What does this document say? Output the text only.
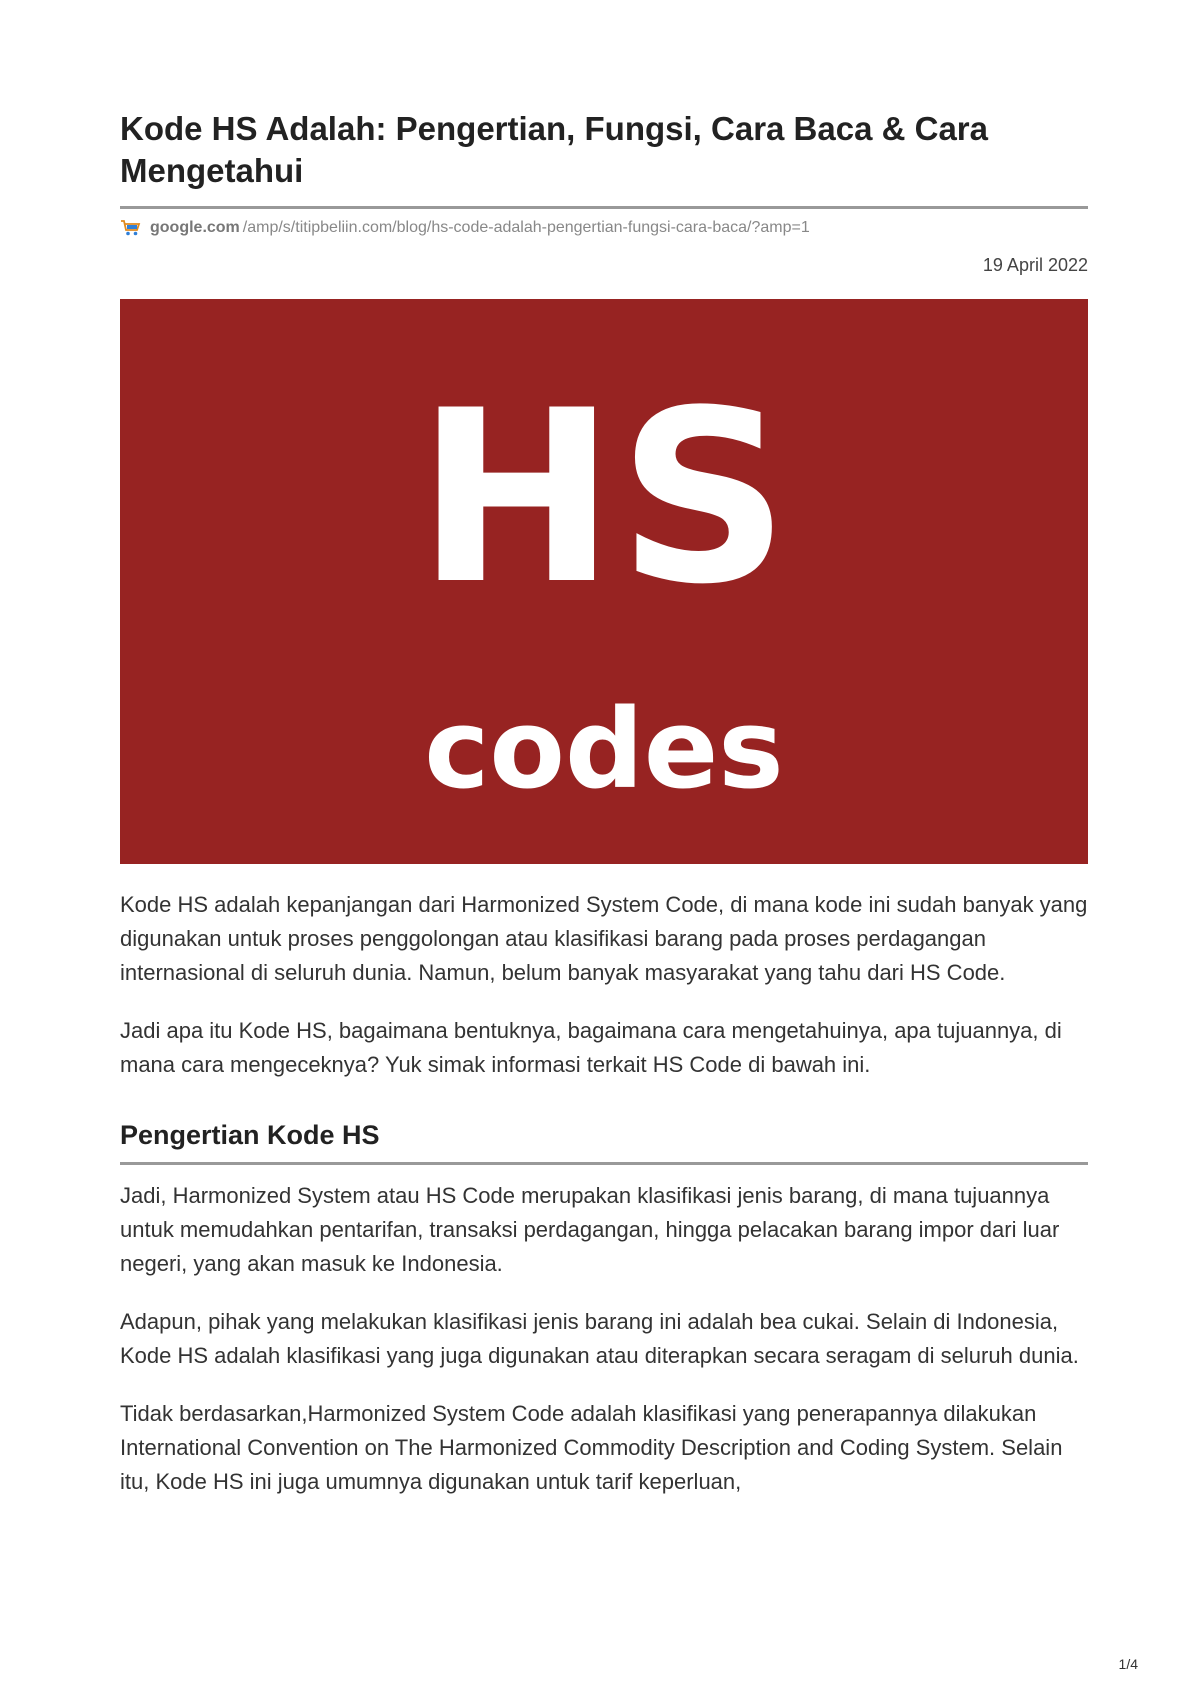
Kode HS Adalah: Pengertian, Fungsi, Cara Baca & Cara Mengetahui
google.com /amp/s/titipbeliin.com/blog/hs-code-adalah-pengertian-fungsi-cara-baca/?amp=1
19 April 2022
HS
codes

Kode HS adalah kepanjangan dari Harmonized System Code, di mana kode ini sudah banyak yang digunakan untuk proses penggolongan atau klasifikasi barang pada proses perdagangan internasional di seluruh dunia. Namun, belum banyak masyarakat yang tahu dari HS Code.

Jadi apa itu Kode HS, bagaimana bentuknya, bagaimana cara mengetahuinya, apa tujuannya, di mana cara mengeceknya? Yuk simak informasi terkait HS Code di bawah ini.

Pengertian Kode HS

Jadi, Harmonized System atau HS Code merupakan klasifikasi jenis barang, di mana tujuannya untuk memudahkan pentarifan, transaksi perdagangan, hingga pelacakan barang impor dari luar negeri, yang akan masuk ke Indonesia.

Adapun, pihak yang melakukan klasifikasi jenis barang ini adalah bea cukai. Selain di Indonesia, Kode HS adalah klasifikasi yang juga digunakan atau diterapkan secara seragam di seluruh dunia.

Tidak berdasarkan,Harmonized System Code adalah klasifikasi yang penerapannya dilakukan International Convention on The Harmonized Commodity Description and Coding System. Selain itu, Kode HS ini juga umumnya digunakan untuk tarif keperluan,

1/4
